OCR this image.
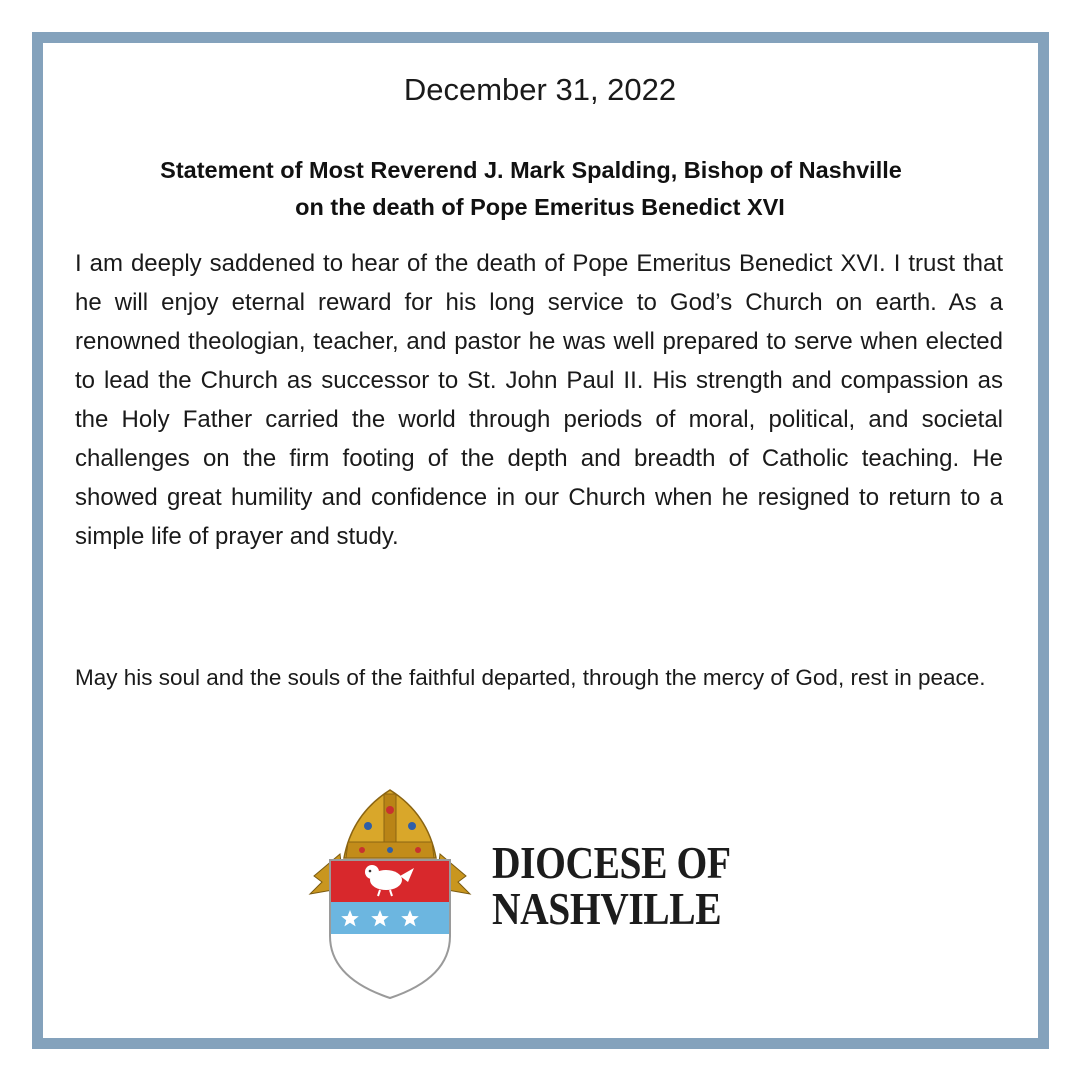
December 31, 2022
Statement of Most Reverend J. Mark Spalding, Bishop of Nashville
on the death of Pope Emeritus Benedict XVI
I am deeply saddened to hear of the death of Pope Emeritus Benedict XVI. I trust that he will enjoy eternal reward for his long service to God’s Church on earth. As a renowned theologian, teacher, and pastor he was well prepared to serve when elected to lead the Church as successor to St. John Paul II. His strength and compassion as the Holy Father carried the world through periods of moral, political, and societal challenges on the firm footing of the depth and breadth of Catholic teaching. He showed great humility and confidence in our Church when he resigned to return to a simple life of prayer and study.
May his soul and the souls of the faithful departed, through the mercy of God, rest in peace.
DIOCESE OF
NASHVILLE
